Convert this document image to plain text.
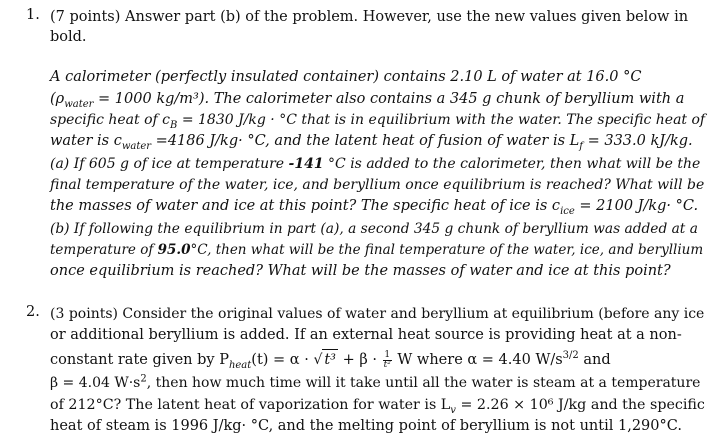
1. (7 points) Answer part (b) of the problem. However, use the new values given below in
bold.
A calorimeter (perfectly insulated container) contains 2.10 L of water at 16.0 °C
($\rho_{water} = 1000$ kg/m³). The calorimeter also contains a 345 g chunk of beryllium with a
specific heat of $c_B = 1830$ J/kg · °C that is in equilibrium with the water. The specific heat of
water is $c_{water} =4186$ J/kg· °C, and the latent heat of fusion of water is $L_f = 333.0$ kJ/kg.
(a) If 605 g of ice at temperature -141 °C is added to the calorimeter, then what will be the
final temperature of the water, ice, and beryllium once equilibrium is reached? What will be
the masses of water and ice at this point? The specific heat of ice is $c_{ice} = 2100$ J/kg· °C.
(b) If following the equilibrium in part (a), a second 345 g chunk of beryllium was added at a
temperature of 95.0°C, then what will be the final temperature of the water, ice, and beryllium
once equilibrium is reached? What will be the masses of water and ice at this point?
2. (3 points) Consider the original values of water and beryllium at equilibrium (before any ice
or additional beryllium is added. If an external heat source is providing heat at a non-
constant rate given by $P_{heat}(t) = \alpha$ · √ $t^3 + \beta \cdot \frac{1}{\text{t²}}$ W where α = 4.40 $W/s^{3/2}$ and
β = 4.04 $W\cdot s^2$, then how much time will it take until all the water is steam at a temperature
of 212°C? The latent heat of vaporization for water is $L_v = 2.26 \times 10^6$ J/kg and the specific
heat of steam is 1996 J/kg· °C, and the melting point of beryllium is not until 1,290°C.
